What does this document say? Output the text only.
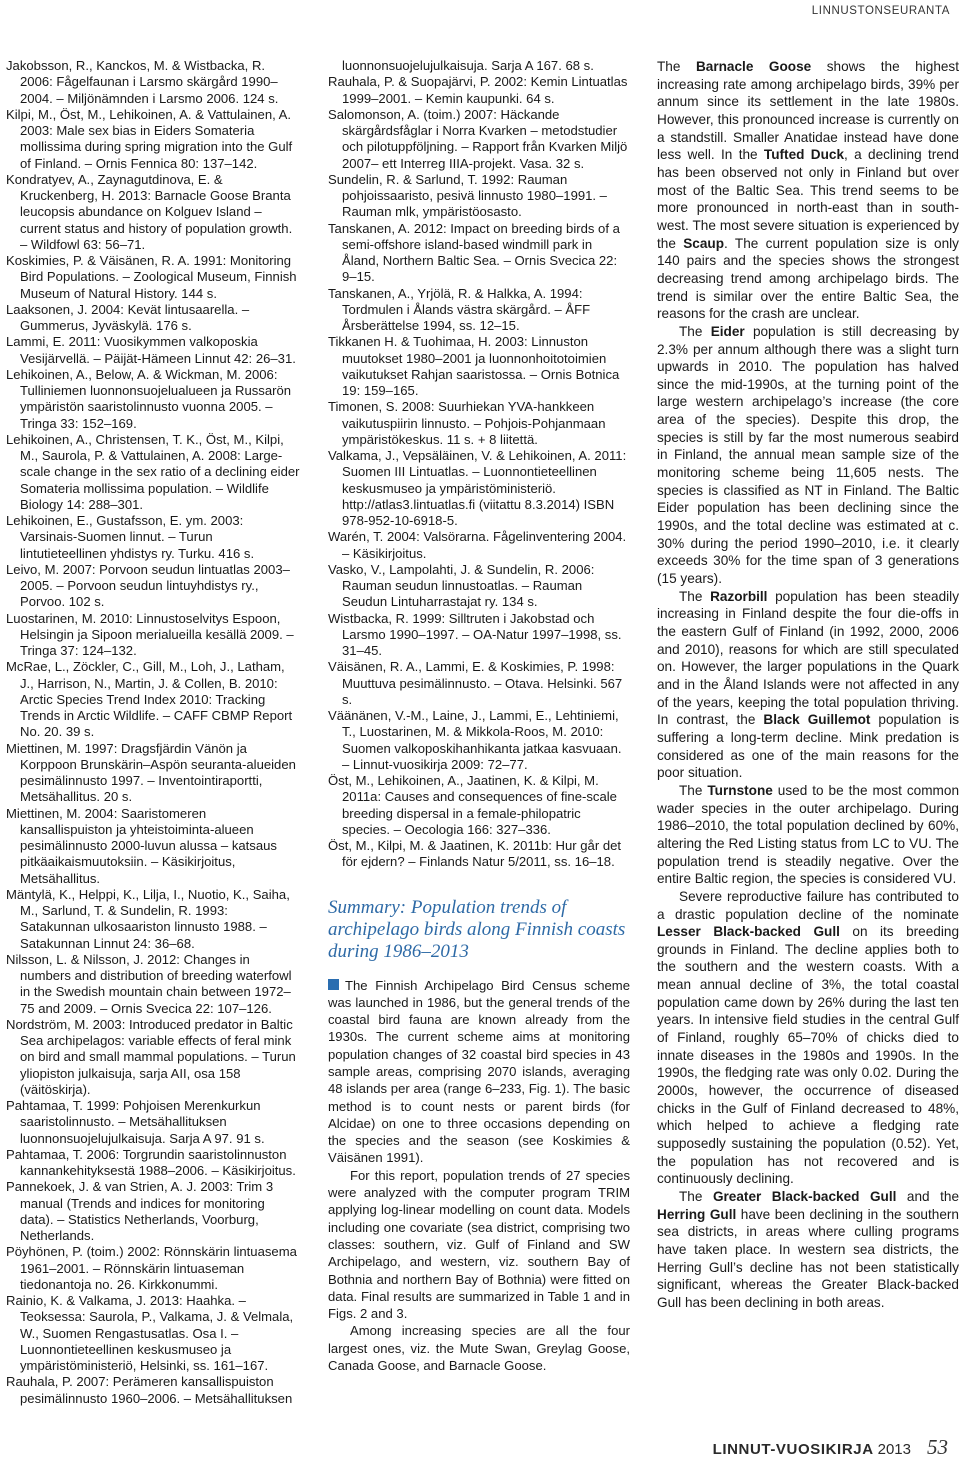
LINNUSTONSEURANTA

Jakobsson, R., Kanckos, M. & Wistbacka, R. 2006: Fågelfaunan i Larsmo skärgård 1990–2004. – Miljönämnden i Larsmo 2006. 124 s.

Kilpi, M., Öst, M., Lehikoinen, A. & Vattulainen, A. 2003: Male sex bias in Eiders Somateria mollissima during spring migration into the Gulf of Finland. – Ornis Fennica 80: 137–142.

Kondratyev, A., Zaynagutdinova, E. & Kruckenberg, H. 2013: Barnacle Goose Branta leucopsis abundance on Kolguev Island – current status and history of population growth. – Wildfowl 63: 56–71.

Koskimies, P. & Väisänen, R. A. 1991: Monitoring Bird Populations. – Zoological Museum, Finnish Museum of Natural History. 144 s.

Laaksonen, J. 2004: Kevät lintusaarella. – Gummerus, Jyväskylä. 176 s.

Lammi, E. 2011: Vuosikymmen valkoposkia Vesijärvellä. – Päijät-Hämeen Linnut 42: 26–31.

Lehikoinen, A., Below, A. & Wickman, M. 2006: Tulliniemen luonnonsuojelualueen ja Russarön ympäristön saaristolinnusto vuonna 2005. – Tringa 33: 152–169.

Lehikoinen, A., Christensen, T. K., Öst, M., Kilpi, M., Saurola, P. & Vattulainen, A. 2008: Large-scale change in the sex ratio of a declining eider Somateria mollissima population. – Wildlife Biology 14: 288–301.

Lehikoinen, E., Gustafsson, E. ym. 2003: Varsinais-Suomen linnut. – Turun lintutieteellinen yhdistys ry. Turku. 416 s.

Leivo, M. 2007: Porvoon seudun lintuatlas 2003–2005. – Porvoon seudun lintuyhdistys ry., Porvoo. 102 s.

Luostarinen, M. 2010: Linnustoselvitys Espoon, Helsingin ja Sipoon merialueilla kesällä 2009. – Tringa 37: 124–132.

McRae, L., Zöckler, C., Gill, M., Loh, J., Latham, J., Harrison, N., Martin, J. & Collen, B. 2010: Arctic Species Trend Index 2010: Tracking Trends in Arctic Wildlife. – CAFF CBMP Report No. 20. 39 s.

Miettinen, M. 1997: Dragsfjärdin Vänön ja Korppoon Brunskärin–Aspön seuranta-alueiden pesimälinnusto 1997. – Inventointiraportti, Metsähallitus. 20 s.

Miettinen, M. 2004: Saaristomeren kansallispuiston ja yhteistoiminta-alueen pesimälinnusto 2000-luvun alussa – katsaus pitkäaikaismuutoksiin. – Käsikirjoitus, Metsähallitus.

Mäntylä, K., Helppi, K., Lilja, I., Nuotio, K., Saiha, M., Sarlund, T. & Sundelin, R. 1993: Satakunnan ulkosaariston linnusto 1988. – Satakunnan Linnut 24: 36–68.

Nilsson, L. & Nilsson, J. 2012: Changes in numbers and distribution of breeding waterfowl in the Swedish mountain chain between 1972–75 and 2009. – Ornis Svecica 22: 107–126.

Nordström, M. 2003: Introduced predator in Baltic Sea archipelagos: variable effects of feral mink on bird and small mammal populations. – Turun yliopiston julkaisuja, sarja AII, osa 158 (väitöskirja).

Pahtamaa, T. 1999: Pohjoisen Merenkurkun saaristolinnusto. – Metsähallituksen luonnonsuojelujulkaisuja. Sarja A 97. 91 s.

Pahtamaa, T. 2006: Torgrundin saaristolinnuston kannankehityksestä 1988–2006. – Käsikirjoitus.

Pannekoek, J. & van Strien, A. J. 2003: Trim 3 manual (Trends and indices for monitoring data). – Statistics Netherlands, Voorburg, Netherlands.

Pöyhönen, P. (toim.) 2002: Rönnskärin lintuasema 1961–2001. – Rönnskärin lintuaseman tiedonantoja no. 26. Kirkkonummi.

Rainio, K. & Valkama, J. 2013: Haahka. – Teoksessa: Saurola, P., Valkama, J. & Velmala, W., Suomen Rengastusatlas. Osa I. – Luonnontieteellinen keskusmuseo ja ympäristöministeriö, Helsinki, ss. 161–167.

Rauhala, P. 2007: Perämeren kansallispuiston pesimälinnusto 1960–2006. – Metsähallituksen

luonnonsuojelujulkaisuja. Sarja A 167. 68 s.

Rauhala, P. & Suopajärvi, P. 2002: Kemin Lintuatlas 1999–2001. – Kemin kaupunki. 64 s.

Salomonson, A. (toim.) 2007: Häckande skärgårdsfåglar i Norra Kvarken – metodstudier och pilotuppföljning. – Rapport från Kvarken Miljö 2007– ett Interreg IIIA-projekt. Vasa. 32 s.

Sundelin, R. & Sarlund, T. 1992: Rauman pohjoissaaristo, pesivä linnusto 1980–1991. – Rauman mlk, ympäristöosasto.

Tanskanen, A. 2012: Impact on breeding birds of a semi-offshore island-based windmill park in Åland, Northern Baltic Sea. – Ornis Svecica 22: 9–15.

Tanskanen, A., Yrjölä, R. & Halkka, A. 1994: Tordmulen i Ålands västra skärgård. – ÅFF Årsberättelse 1994, ss. 12–15.

Tikkanen H. & Tuohimaa, H. 2003: Linnuston muutokset 1980–2001 ja luonnonhoitotoimien vaikutukset Rahjan saaristossa. – Ornis Botnica 19: 159–165.

Timonen, S. 2008: Suurhiekan YVA-hankkeen vaikutuspiirin linnusto. – Pohjois-Pohjanmaan ympäristökeskus. 11 s. + 8 liitettä.

Valkama, J., Vepsäläinen, V. & Lehikoinen, A. 2011: Suomen III Lintuatlas. – Luonnontieteellinen keskusmuseo ja ympäristöministeriö. http://atlas3.lintuatlas.fi (viitattu 8.3.2014) ISBN 978-952-10-6918-5.

Warén, T. 2004: Valsörarna. Fågelinventering 2004. – Käsikirjoitus.

Vasko, V., Lampolahti, J. & Sundelin, R. 2006: Rauman seudun linnustoatlas. – Rauman Seudun Lintuharrastajat ry. 134 s.

Wistbacka, R. 1999: Silltruten i Jakobstad och Larsmo 1990–1997. – OA-Natur 1997–1998, ss. 31–45.

Väisänen, R. A., Lammi, E. & Koskimies, P. 1998: Muuttuva pesimälinnusto. – Otava. Helsinki. 567 s.

Väänänen, V.-M., Laine, J., Lammi, E., Lehtiniemi, T., Luostarinen, M. & Mikkola-Roos, M. 2010: Suomen valkoposkihanhikanta jatkaa kasvuaan. – Linnut-vuosikirja 2009: 72–77.

Öst, M., Lehikoinen, A., Jaatinen, K. & Kilpi, M. 2011a: Causes and consequences of fine-scale breeding dispersal in a female-philopatric species. – Oecologia 166: 327–336.

Öst, M., Kilpi, M. & Jaatinen, K. 2011b: Hur går det för ejdern? – Finlands Natur 5/2011, ss. 16–18.

Summary: Population trends of archipelago birds along Finnish coasts during 1986–2013

The Finnish Archipelago Bird Census scheme was launched in 1986, but the general trends of the coastal bird fauna are known already from the 1930s. The current scheme aims at monitoring population changes of 32 coastal bird species in 43 sample areas, comprising 2070 islands, averaging 48 islands per area (range 6–233, Fig. 1). The basic method is to count nests or parent birds (for Alcidae) on one to three occasions depending on the species and the season (see Koskimies & Väisänen 1991).

For this report, population trends of 27 species were analyzed with the computer program TRIM applying log-linear modelling on count data. Models including one covariate (sea district, comprising two classes: southern, viz. Gulf of Finland and SW Archipelago, and western, viz. southern Bay of Bothnia and northern Bay of Bothnia) were fitted on data. Final results are summarized in Table 1 and in Figs. 2 and 3.

Among increasing species are all the four largest ones, viz. the Mute Swan, Greylag Goose, Canada Goose, and Barnacle Goose.

The Barnacle Goose shows the highest increasing rate among archipelago birds, 39% per annum since its settlement in the late 1980s. However, this pronounced increase is currently on a standstill. Smaller Anatidae instead have done less well. In the Tufted Duck, a declining trend has been observed not only in Finland but over most of the Baltic Sea. This trend seems to be more pronounced in north-east than in south-west. The most severe situation is experienced by the Scaup. The current population size is only 140 pairs and the species shows the strongest decreasing trend among archipelago birds. The trend is similar over the entire Baltic Sea, the reasons for the crash are unclear.

The Eider population is still decreasing by 2.3% per annum although there was a slight turn upwards in 2010. The population has halved since the mid-1990s, at the turning point of the large western archipelago’s increase (the core area of the species). Despite this drop, the species is still by far the most numerous seabird in Finland, the annual mean sample size of the monitoring scheme being 11,605 nests. The species is classified as NT in Finland. The Baltic Eider population has been declining since the 1990s, and the total decline was estimated at c. 30% during the period 1990–2010, i.e. it clearly exceeds 30% for the time span of 3 generations (15 years).

The Razorbill population has been steadily increasing in Finland despite the four die-offs in the eastern Gulf of Finland (in 1992, 2000, 2006 and 2010), reasons for which are still speculated on. However, the larger populations in the Quark and in the Åland Islands were not affected in any of the years, keeping the total population thriving. In contrast, the Black Guillemot population is suffering a long-term decline. Mink predation is considered as one of the main reasons for the poor situation.

The Turnstone used to be the most common wader species in the outer archipelago. During 1986–2010, the total population declined by 60%, altering the Red Listing status from LC to VU. The population trend is steadily negative. Over the entire Baltic region, the species is considered VU.

Severe reproductive failure has contributed to a drastic population decline of the nominate Lesser Black-backed Gull on its breeding grounds in Finland. The decline applies both to the southern and the western coasts. With a mean annual decline of 3%, the total coastal population came down by 26% during the last ten years. In intensive field studies in the central Gulf of Finland, roughly 65–70% of chicks died to innate diseases in the 1980s and 1990s. In the 1990s, the fledging rate was only 0.02. During the 2000s, however, the occurrence of diseased chicks in the Gulf of Finland decreased to 48%, which helped to achieve a fledging rate supposedly sustaining the population (0.52). Yet, the population has not recovered and is continuously declining.

The Greater Black-backed Gull and the Herring Gull have been declining in the southern sea districts, in areas where culling programs have taken place. In western sea districts, the Herring Gull’s decline has not been statistically significant, whereas the Greater Black-backed Gull has been declining in both areas.

LINNUT-VUOSIKIRJA 2013 53
